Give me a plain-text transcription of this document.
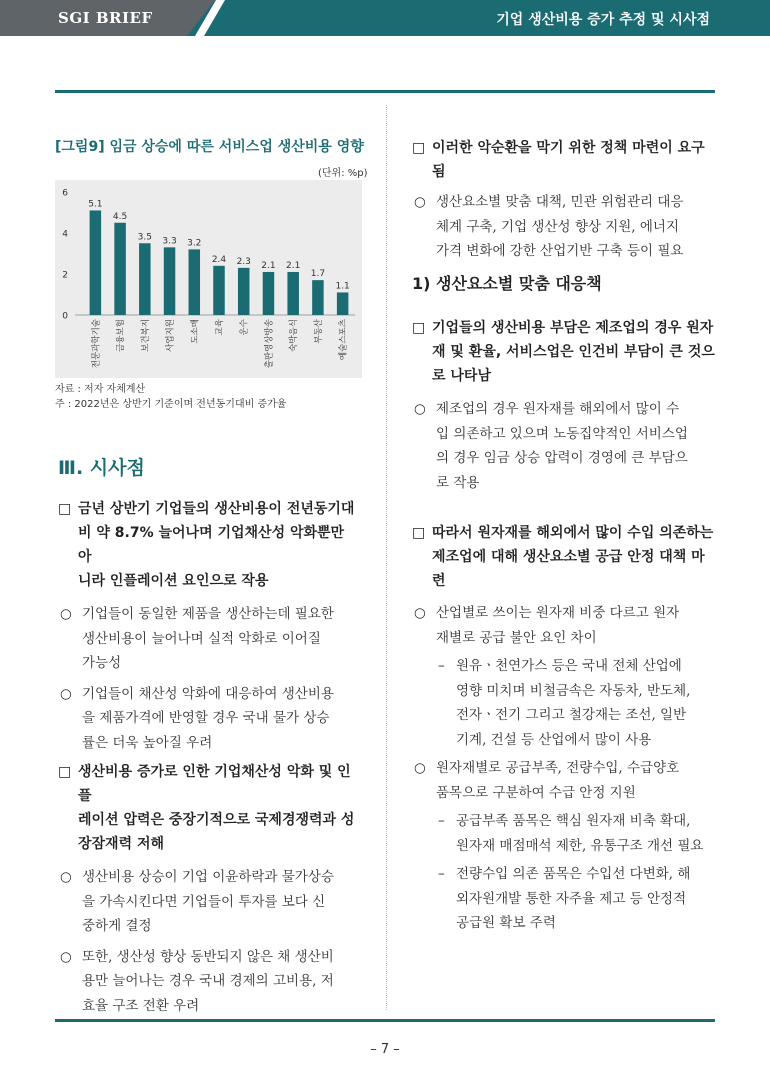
SGI BRIEF	기업 생산비용 증가 추정 및 시사점
[그림9] 임금 상승에 따른 서비스업 생산비용 영향
(단위: %p)
0
2
4
6
5.1
전문과학기술
4.5
금융보험
3.5
보건복지
3.3
사업지원
3.2
도소매
2.4
교육
2.3
운수
2.1
출판영상방송
2.1
숙박음식
1.7
부동산
1.1
예술스포츠
자료 : 저자 자체계산
주 : 2022년은 상반기 기준이며 전년동기대비 증가율
Ⅲ. 시사점
□ 금년 상반기 기업들의 생산비용이 전년동기대
비 약 8.7% 늘어나며 기업채산성 악화뿐만 아
니라 인플레이션 요인으로 작용
○ 기업들이 동일한 제품을 생산하는데 필요한
생산비용이 늘어나며 실적 악화로 이어질
가능성
○ 기업들이 채산성 악화에 대응하여 생산비용
을 제품가격에 반영할 경우 국내 물가 상승
률은 더욱 높아질 우려
□ 생산비용 증가로 인한 기업채산성 악화 및 인플
레이션 압력은 중장기적으로 국제경쟁력과 성
장잠재력 저해
○ 생산비용 상승이 기업 이윤하락과 물가상승
을 가속시킨다면 기업들이 투자를 보다 신
중하게 결정
○ 또한, 생산성 향상 동반되지 않은 채 생산비
용만 늘어나는 경우 국내 경제의 고비용, 저
효율 구조 전환 우려
□ 이러한 악순환을 막기 위한 정책 마련이 요구됨
○ 생산요소별 맞춤 대책, 민관 위험관리 대응
체계 구축, 기업 생산성 향상 지원, 에너지
가격 변화에 강한 산업기반 구축 등이 필요
1) 생산요소별 맞춤 대응책
□ 기업들의 생산비용 부담은 제조업의 경우 원자
재 및 환율, 서비스업은 인건비 부담이 큰 것으
로 나타남
○ 제조업의 경우 원자재를 해외에서 많이 수
입 의존하고 있으며 노동집약적인 서비스업
의 경우 임금 상승 압력이 경영에 큰 부담으
로 작용
□ 따라서 원자재를 해외에서 많이 수입 의존하는
제조업에 대해 생산요소별 공급 안정 대책 마련
○ 산업별로 쓰이는 원자재 비중 다르고 원자
재별로 공급 불안 요인 차이
– 원유ㆍ천연가스 등은 국내 전체 산업에
영향 미치며 비철금속은 자동차, 반도체,
전자ㆍ전기 그리고 철강재는 조선, 일반
기계, 건설 등 산업에서 많이 사용
○ 원자재별로 공급부족, 전량수입, 수급양호
품목으로 구분하여 수급 안정 지원
– 공급부족 품목은 핵심 원자재 비축 확대,
원자재 매점매석 제한, 유통구조 개선 필요
– 전량수입 의존 품목은 수입선 다변화, 해
외자원개발 통한 자주율 제고 등 안정적
공급원 확보 주력
– 7 –
